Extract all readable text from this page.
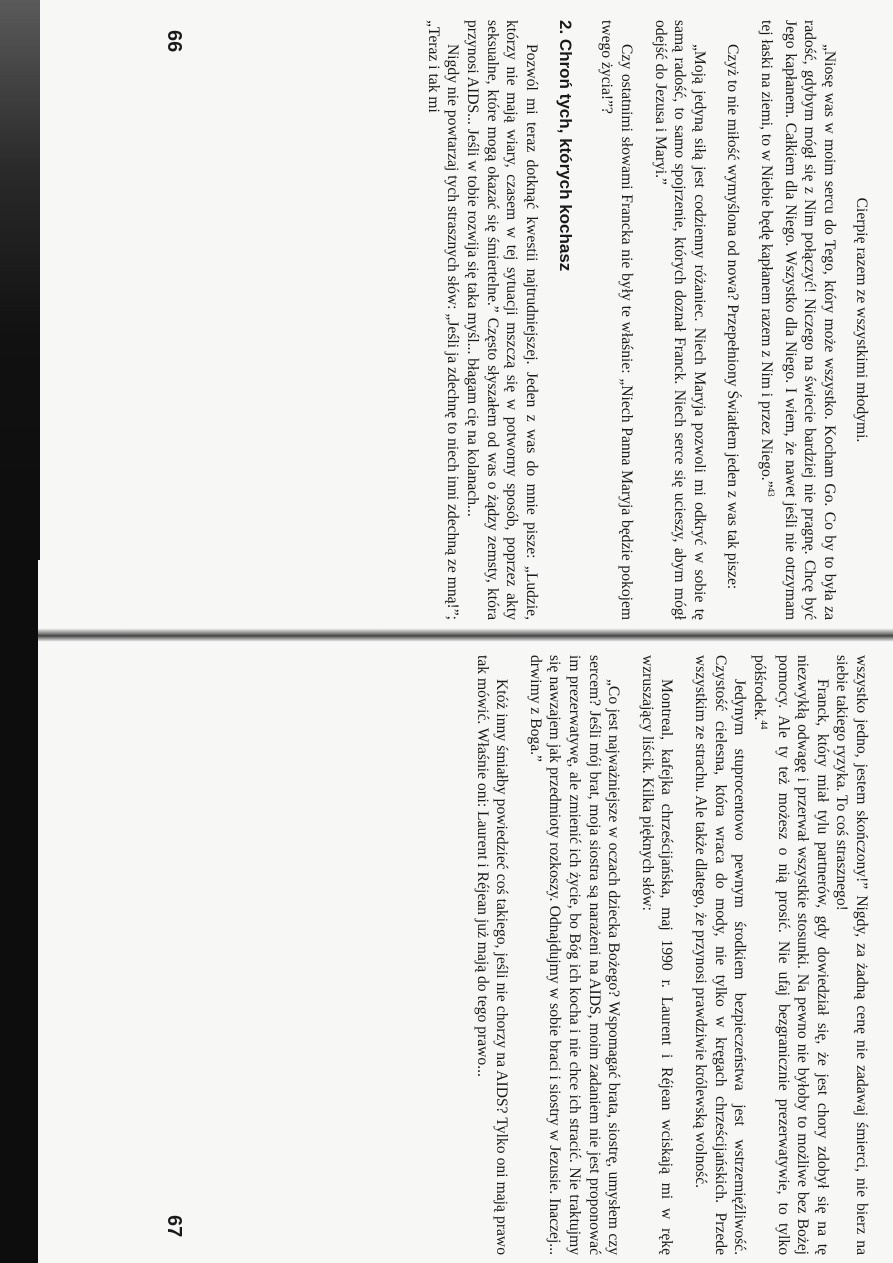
66

Cierpię razem ze wszystkimi młodymi.

„Niosę was w moim sercu do Tego, który może wszystko. Kocham Go. Co by to była za radość, gdybym mógł się z Nim połączyć! Niczego na świecie bardziej nie pragnę. Chcę być Jego kapłanem. Całkiem dla Niego. Wszystko dla Niego. I wiem, że nawet jeśli nie otrzymam tej łaski na ziemi, to w Niebie będę kapłanem razem z Nim i przez Niego.”$^{43}$

Czyż to nie miłość wymyślona od nowa? Przepełniony Światłem jeden z was tak pisze:

„Moją jedyną siłą jest codzienny różaniec. Niech Maryja pozwoli mi odkryć w sobie tę samą radość, to samo spojrzenie, których doznał Franck. Niech serce się ucieszy, abym mógł odejść do Jezusa i Maryi.”

Czy ostatnimi słowami Francka nie były te właśnie: „Niech Panna Maryja będzie pokojem twego życia!”?

2. Chroń tych, których kochasz

Pozwól mi teraz dotknąć kwestii najtrudniejszej. Jeden z was do mnie pisze: „Ludzie, którzy nie mają wiary, czasem w tej sytuacji mszczą się w potworny sposób, poprzez akty seksualne, które mogą okazać się śmiertelne.” Często słyszałem od was o żądzy zemsty, która przynosi AIDS... Jeśli w tobie rozwija się taka myśl... błagam cię na kolanach...

Nigdy nie powtarzaj tych strasznych słów: „Jeśli ja zdechnę to niech inni zdechną ze mną!”; „Teraz i tak mi

67	wszystko jedno, jestem skończony!” Nigdy, za żadną cenę nie zadawaj śmierci, nie bierz na siebie takiego ryzyka. To coś strasznego!

Franck, który miał tylu partnerów, gdy dowiedział się, że jest chory zdobył się na tę niezwykłą odwagę i przerwał wszystkie stosunki. Na pewno nie byłoby to możliwe bez Bożej pomocy. Ale ty też możesz o nią prosić. Nie ufaj bezgranicznie prezerwatywie, to tylko półśrodek.$^{44}$

Jedynym stuprocentowo pewnym środkiem bezpieczeństwa jest wstrzemięźliwość. Czystość cielesna, która wraca do mody, nie tylko w kręgach chrześcijańskich. Przede wszystkim ze strachu. Ale także dlatego, że przynosi prawdziwie królewską wolność.

Montreal, kafejka chrześcijańska, maj 1990 r. Laurent i Réjean wciskają mi w rękę wzruszający liścik. Kilka pięknych słów:

„Co jest najważniejsze w oczach dziecka Bożego? Wspomagać brata, siostrę, umysłem czy sercem? Jeśli mój brat, moja siostra są narażeni na AIDS, moim zadaniem nie jest proponować im prezerwatywę, ale zmienić ich życie, bo Bóg ich kocha i nie chce ich stracić. Nie traktujmy się nawzajem jak przedmioty rozkoszy. Odnajdujmy w sobie braci i siostry w Jezusie. Inaczej... drwimy z Boga.”

Któż inny śmiałby powiedzieć coś takiego, jeśli nie chorzy na AIDS? Tylko oni mają prawo tak mówić. Właśnie oni: Laurent i Réjean już mają do tego prawo...
